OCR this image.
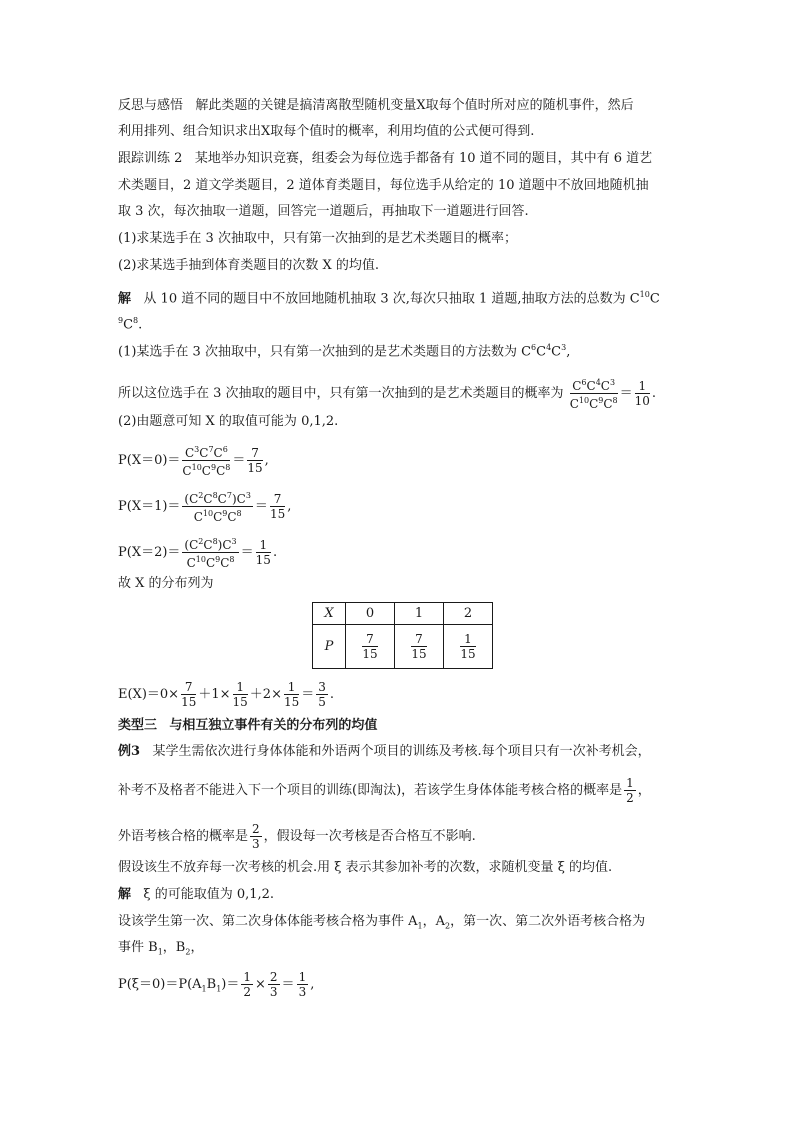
反思与感悟 解此类题的关键是搞清离散型随机变量X取每个值时所对应的随机事件，然后
利用排列、组合知识求出X取每个值时的概率，利用均值的公式便可得到.
跟踪训练 2 某地举办知识竞赛，组委会为每位选手都备有 10 道不同的题目，其中有 6 道艺
术类题目，2 道文学类题目，2 道体育类题目，每位选手从给定的 10 道题中不放回地随机抽
取 3 次，每次抽取一道题，回答完一道题后，再抽取下一道题进行回答.
(1)求某选手在 3 次抽取中，只有第一次抽到的是艺术类题目的概率；
(2)求某选手抽到体育类题目的次数 X 的均值.
解 从 10 道不同的题目中不放回地随机抽取 3 次,每次只抽取 1 道题,抽取方法的总数为 $C^{10}C$
$^9C^8$.
(1)某选手在 3 次抽取中，只有第一次抽到的是艺术类题目的方法数为 $C^6C^4C^3$,
所以这位选手在 3 次抽取的题目中，只有第一次抽到的是艺术类题目的概率为 $\frac{C^6C^4C^3}{C^{10}C^9C^8} = \frac{1}{10}$ .
(2)由题意可知 X 的取值可能为 0,1,2.
$P(X=0)= \frac{C^3C^7C^6}{C^{10}C^9C^8} = \frac{7}{15}$ ,
$P(X=1)= \frac{(C^2C^8C^7)C^3}{C^{10}C^9C^8} = \frac{7}{15}$ ,
$P(X=2)= \frac{(C^2C^8)C^3}{C^{10}C^9C^8} = \frac{1}{15}$ .
故 X 的分布列为
X	0	1	2
P	$\frac{7}{15}$	$\frac{7}{15}$	$\frac{1}{15}$
$E(X)=0\times \frac{7}{15} +1\times \frac{1}{15} +2\times \frac{1}{15} = \frac{3}{5}$ .
类型三 与相互独立事件有关的分布列的均值
例3 某学生需依次进行身体体能和外语两个项目的训练及考核.每个项目只有一次补考机会，
补考不及格者不能进入下一个项目的训练(即淘汰)，若该学生身体体能考核合格的概率是 $\frac{1}{2}$ ，
外语考核合格的概率是 $\frac{2}{3}$ ，假设每一次考核是否合格互不影响.
假设该生不放弃每一次考核的机会.用 ξ 表示其参加补考的次数，求随机变量 ξ 的均值.
解 ξ 的可能取值为 0,1,2.
设该学生第一次、第二次身体体能考核合格为事件 $A_1$，$A_2$，第一次、第二次外语考核合格为
事件 $B_1$，$B_2$，
$P(\xi=0)=P(A_1B_1)= \frac{1}{2} \times \frac{2}{3} = \frac{1}{3}$ ,
